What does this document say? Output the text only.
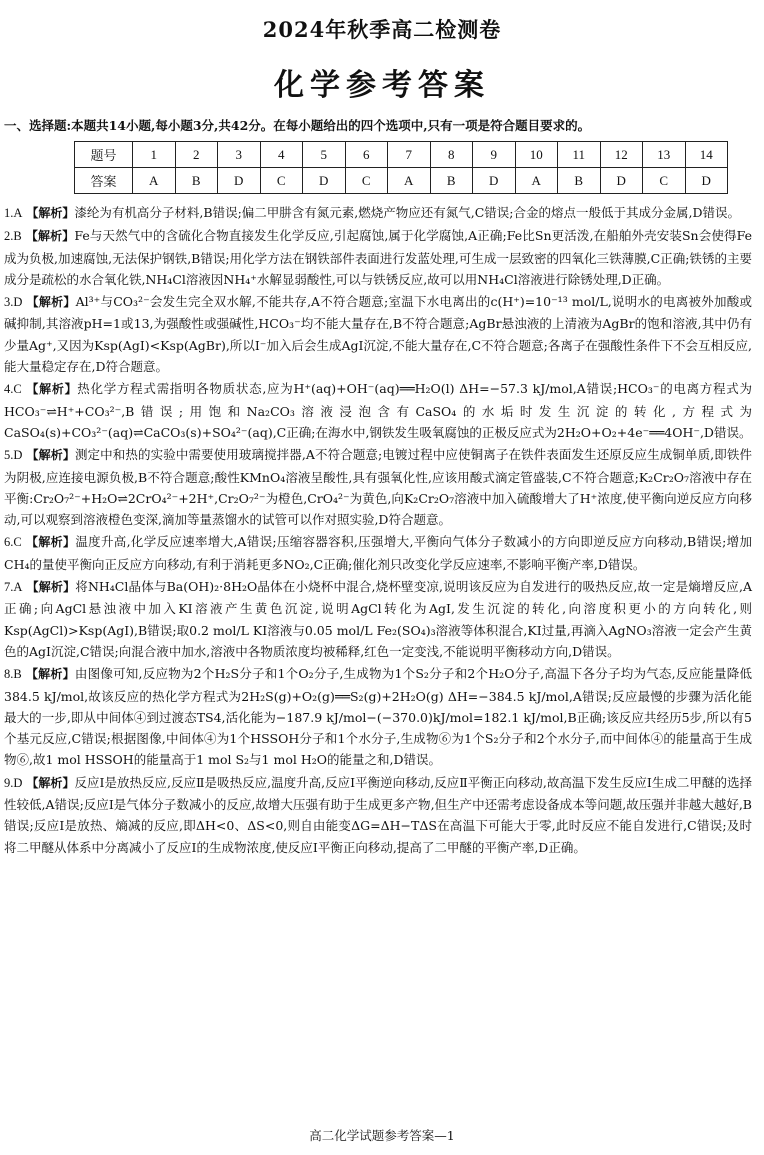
2024年秋季高二检测卷
化学参考答案
一、选择题:本题共14小题,每小题3分,共42分。在每小题给出的四个选项中,只有一项是符合题目要求的。
题号	1	2	3	4	5	6	7	8	9	10	11	12	13	14
答案	A	B	D	C	D	C	A	B	D	A	B	D	C	D

1.A 【解析】漆纶为有机高分子材料,B错误;偏二甲肼含有氮元素,燃烧产物应还有氮气,C错误;合金的熔点一般低于其成分金属,D错误。

2.B 【解析】Fe与天然气中的含硫化合物直接发生化学反应,引起腐蚀,属于化学腐蚀,A正确;Fe比Sn更活泼,在船舶外壳安装Sn会使得Fe成为负极,加速腐蚀,无法保护钢铁,B错误;用化学方法在钢铁部件表面进行发蓝处理,可生成一层致密的四氧化三铁薄膜,C正确;铁锈的主要成分是疏松的水合氧化铁,NH₄Cl溶液因NH₄⁺水解显弱酸性,可以与铁锈反应,故可以用NH₄Cl溶液进行除锈处理,D正确。

3.D 【解析】Al³⁺与CO₃²⁻会发生完全双水解,不能共存,A不符合题意;室温下水电离出的c(H⁺)=10⁻¹³ mol/L,说明水的电离被外加酸或碱抑制,其溶液pH=1或13,为强酸性或强碱性,HCO₃⁻均不能大量存在,B不符合题意;AgBr悬浊液的上清液为AgBr的饱和溶液,其中仍有少量Ag⁺,又因为Ksp(AgI)<Ksp(AgBr),所以I⁻加入后会生成AgI沉淀,不能大量存在,C不符合题意;各离子在强酸性条件下不会互相反应,能大量稳定存在,D符合题意。

4.C 【解析】热化学方程式需指明各物质状态,应为H⁺(aq)+OH⁻(aq)══H₂O(l) ΔH=−57.3 kJ/mol,A错误;HCO₃⁻的电离方程式为HCO₃⁻⇌H⁺+CO₃²⁻,B错误;用饱和Na₂CO₃溶液浸泡含有CaSO₄的水垢时发生沉淀的转化,方程式为CaSO₄(s)+CO₃²⁻(aq)⇌CaCO₃(s)+SO₄²⁻(aq),C正确;在海水中,钢铁发生吸氧腐蚀的正极反应式为2H₂O+O₂+4e⁻══4OH⁻,D错误。

5.D 【解析】测定中和热的实验中需要使用玻璃搅拌器,A不符合题意;电镀过程中应使铜离子在铁件表面发生还原反应生成铜单质,即铁件为阴极,应连接电源负极,B不符合题意;酸性KMnO₄溶液呈酸性,具有强氧化性,应该用酸式滴定管盛装,C不符合题意;K₂Cr₂O₇溶液中存在平衡:Cr₂O₇²⁻+H₂O⇌2CrO₄²⁻+2H⁺,Cr₂O₇²⁻为橙色,CrO₄²⁻为黄色,向K₂Cr₂O₇溶液中加入硫酸增大了H⁺浓度,使平衡向逆反应方向移动,可以观察到溶液橙色变深,滴加等量蒸馏水的试管可以作对照实验,D符合题意。

6.C 【解析】温度升高,化学反应速率增大,A错误;压缩容器容积,压强增大,平衡向气体分子数减小的方向即逆反应方向移动,B错误;增加CH₄的量使平衡向正反应方向移动,有利于消耗更多NO₂,C正确;催化剂只改变化学反应速率,不影响平衡产率,D错误。

7.A 【解析】将NH₄Cl晶体与Ba(OH)₂·8H₂O晶体在小烧杯中混合,烧杯壁变凉,说明该反应为自发进行的吸热反应,故一定是熵增反应,A正确;向AgCl悬浊液中加入KI溶液产生黄色沉淀,说明AgCl转化为AgI,发生沉淀的转化,向溶度积更小的方向转化,则Ksp(AgCl)>Ksp(AgI),B错误;取0.2 mol/L KI溶液与0.05 mol/L Fe₂(SO₄)₃溶液等体积混合,KI过量,再滴入AgNO₃溶液一定会产生黄色的AgI沉淀,C错误;向混合液中加水,溶液中各物质浓度均被稀释,红色一定变浅,不能说明平衡移动方向,D错误。

8.B 【解析】由图像可知,反应物为2个H₂S分子和1个O₂分子,生成物为1个S₂分子和2个H₂O分子,高温下各分子均为气态,反应能量降低384.5 kJ/mol,故该反应的热化学方程式为2H₂S(g)+O₂(g)══S₂(g)+2H₂O(g) ΔH=−384.5 kJ/mol,A错误;反应最慢的步骤为活化能最大的一步,即从中间体④到过渡态TS4,活化能为−187.9 kJ/mol−(−370.0)kJ/mol=182.1 kJ/mol,B正确;该反应共经历5步,所以有5个基元反应,C错误;根据图像,中间体④为1个HSSOH分子和1个水分子,生成物⑥为1个S₂分子和2个水分子,而中间体④的能量高于生成物⑥,故1 mol HSSOH的能量高于1 mol S₂与1 mol H₂O的能量之和,D错误。

9.D 【解析】反应Ⅰ是放热反应,反应Ⅱ是吸热反应,温度升高,反应Ⅰ平衡逆向移动,反应Ⅱ平衡正向移动,故高温下发生反应Ⅰ生成二甲醚的选择性较低,A错误;反应Ⅰ是气体分子数减小的反应,故增大压强有助于生成更多产物,但生产中还需考虑设备成本等问题,故压强并非越大越好,B错误;反应Ⅰ是放热、熵减的反应,即ΔH<0、ΔS<0,则自由能变ΔG=ΔH−TΔS在高温下可能大于零,此时反应不能自发进行,C错误;及时将二甲醚从体系中分离减小了反应Ⅰ的生成物浓度,使反应Ⅰ平衡正向移动,提高了二甲醚的平衡产率,D正确。

高二化学试题参考答案—1
